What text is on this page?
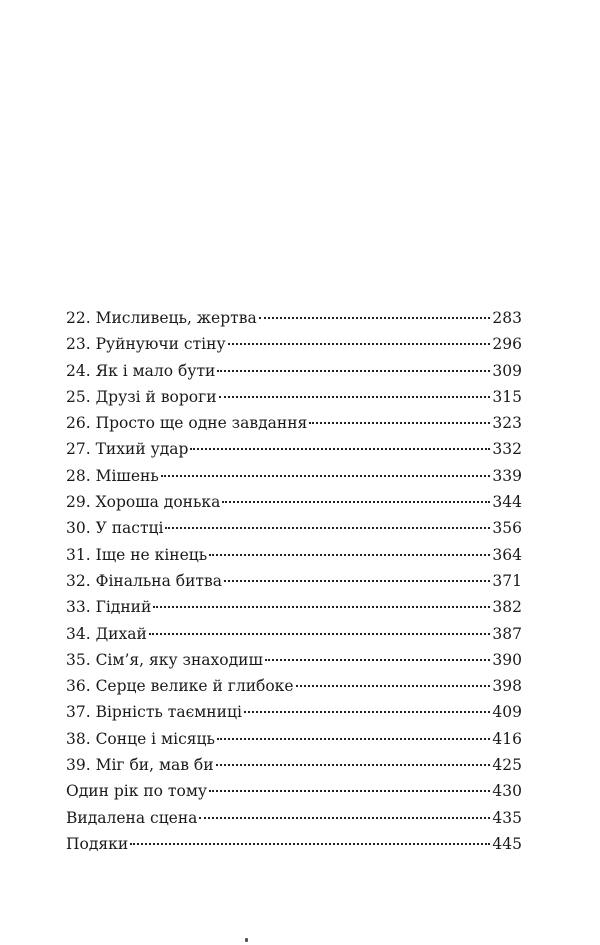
22. Мисливець, жертва	283
23. Руйнуючи стіну	296
24. Як і мало бути	309
25. Друзі й вороги	315
26. Просто ще одне завдання	323
27. Тихий удар	332
28. Мішень	339
29. Хороша донька	344
30. У пастці	356
31. Іще не кінець	364
32. Фінальна битва	371
33. Гідний	382
34. Дихай	387
35. Сім’я, яку знаходиш	390
36. Серце велике й глибоке	398
37. Вірність таємниці	409
38. Сонце і місяць	416
39. Міг би, мав би	425
Один рік по тому	430
Видалена сцена	435
Подяки	445
